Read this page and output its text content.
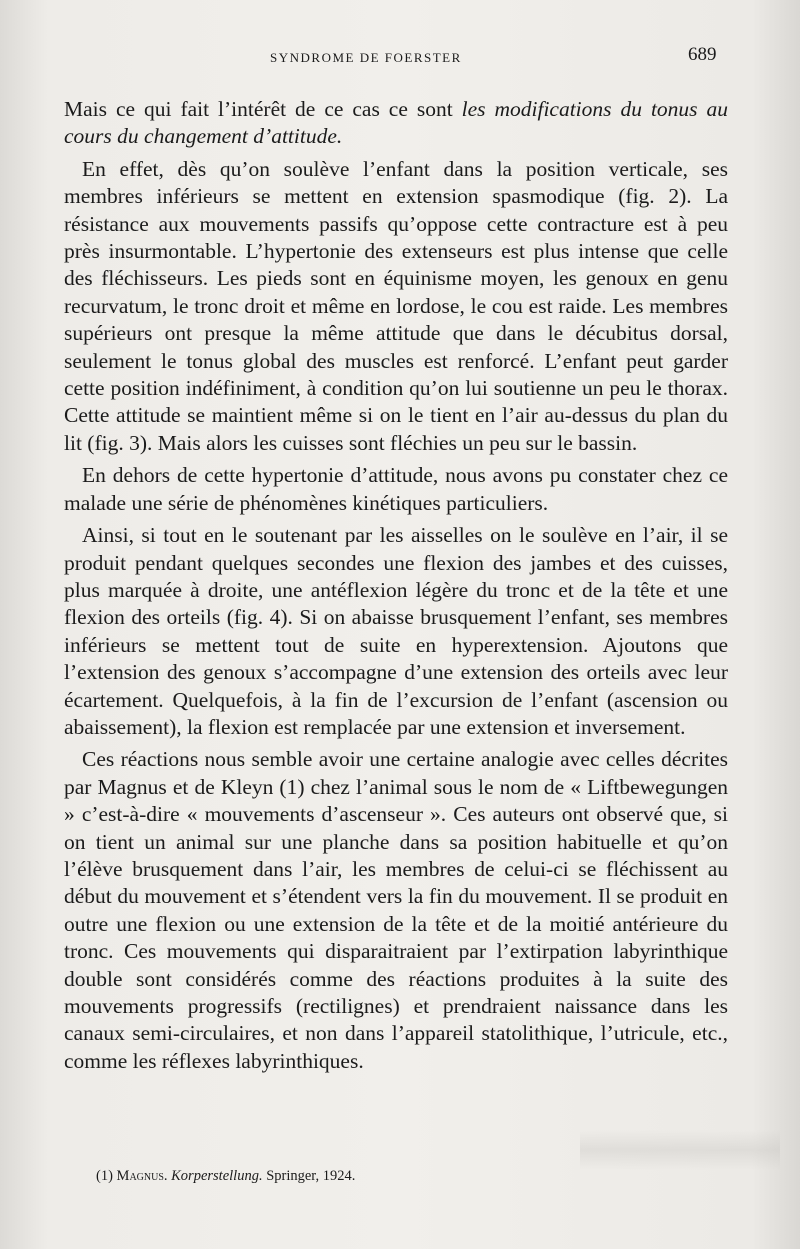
SYNDROME DE FOERSTER	689

Mais ce qui fait l’intérêt de ce cas ce sont les modifications du tonus au cours du changement d’attitude.

En effet, dès qu’on soulève l’enfant dans la position verticale, ses membres inférieurs se mettent en extension spasmodique (fig. 2). La résistance aux mouvements passifs qu’oppose cette contracture est à peu près insurmontable. L’hypertonie des extenseurs est plus intense que celle des fléchisseurs. Les pieds sont en équinisme moyen, les genoux en genu recurvatum, le tronc droit et même en lordose, le cou est raide. Les membres supérieurs ont presque la même attitude que dans le décubitus dorsal, seulement le tonus global des muscles est renforcé. L’enfant peut garder cette position indéfiniment, à condition qu’on lui soutienne un peu le thorax. Cette attitude se maintient même si on le tient en l’air au-dessus du plan du lit (fig. 3). Mais alors les cuisses sont fléchies un peu sur le bassin.

En dehors de cette hypertonie d’attitude, nous avons pu constater chez ce malade une série de phénomènes kinétiques particuliers.

Ainsi, si tout en le soutenant par les aisselles on le soulève en l’air, il se produit pendant quelques secondes une flexion des jambes et des cuisses, plus marquée à droite, une antéflexion légère du tronc et de la tête et une flexion des orteils (fig. 4). Si on abaisse brusquement l’enfant, ses membres inférieurs se mettent tout de suite en hyperextension. Ajoutons que l’extension des genoux s’accompagne d’une extension des orteils avec leur écartement. Quelquefois, à la fin de l’excursion de l’enfant (ascension ou abaissement), la flexion est remplacée par une extension et inversement.

Ces réactions nous semble avoir une certaine analogie avec celles décrites par Magnus et de Kleyn (1) chez l’animal sous le nom de « Liftbewegungen » c’est-à-dire « mouvements d’ascenseur ». Ces auteurs ont observé que, si on tient un animal sur une planche dans sa position habituelle et qu’on l’élève brusquement dans l’air, les membres de celui-ci se fléchissent au début du mouvement et s’étendent vers la fin du mouvement. Il se produit en outre une flexion ou une extension de la tête et de la moitié antérieure du tronc. Ces mouvements qui disparaitraient par l’extirpation labyrinthique double sont considérés comme des réactions produites à la suite des mouvements progressifs (rectilignes) et prendraient naissance dans les canaux semi-circulaires, et non dans l’appareil statolithique, l’utricule, etc., comme les réflexes labyrinthiques.

(1) Magnus. Korperstellung. Springer, 1924.
